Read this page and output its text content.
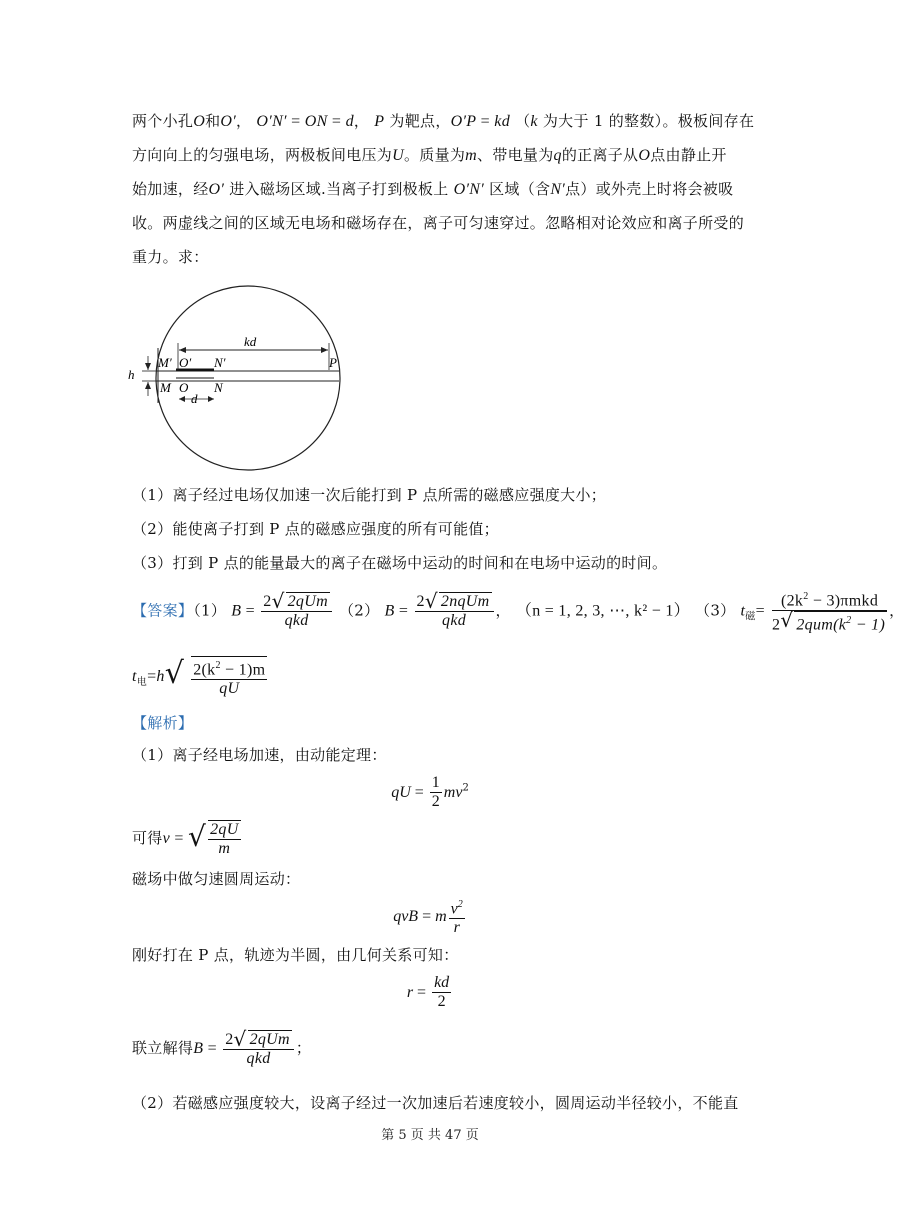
两个小孔O和O′， O′N′ = ON = d， P 为靶点，O′P = kd （k 为大于 1 的整数）。极板间存在
方向向上的匀强电场，两极板间电压为U。质量为m、带电量为q的正离子从O点由静止开
始加速，经O′ 进入磁场区域.当离子打到极板上 O′N′ 区域（含N′点）或外壳上时将会被吸
收。两虚线之间的区域无电场和磁场存在，离子可匀速穿过。忽略相对论效应和离子所受的
重力。求：
kd
h
M′ O′ N′	P
M O N
d
（1）离子经过电场仅加速一次后能打到 P 点所需的磁感应强度大小；
（2）能使离子打到 P 点的磁感应强度的所有可能值；
（3）打到 P 点的能量最大的离子在磁场中运动的时间和在电场中运动的时间。
【答案】（1） $B = \frac{\text{2√ 2qUm}}{\text{qkd}} (2) B = \frac{\text{2√ 2nqUm}}{\text{qkd}}$ ， （n = 1, 2, 3, ⋯, k² − 1） （3） $t_磁= \frac{(2k^2 - 3)\pi mkd}{2√ 2qum(k^2 - 1)}$ ，
$t_电=h√ \frac{2(k^2 - 1)m}{qU}$
【解析】
（1）离子经电场加速，由动能定理：
qU = $\frac{1}{2} mv^2$
可得v = √ $\frac{2qU}{m}$
磁场中做匀速圆周运动：
qvB = m $\frac{v^2}{r}$
刚好打在 P 点，轨迹为半圆，由几何关系可知：
$r = \frac{kd}{2}$
联立解得$B = \frac{\text{2√ 2qUm}}{\text{qkd}}$ ；
（2）若磁感应强度较大，设离子经过一次加速后若速度较小，圆周运动半径较小，不能直
第 5 页 共 47 页
